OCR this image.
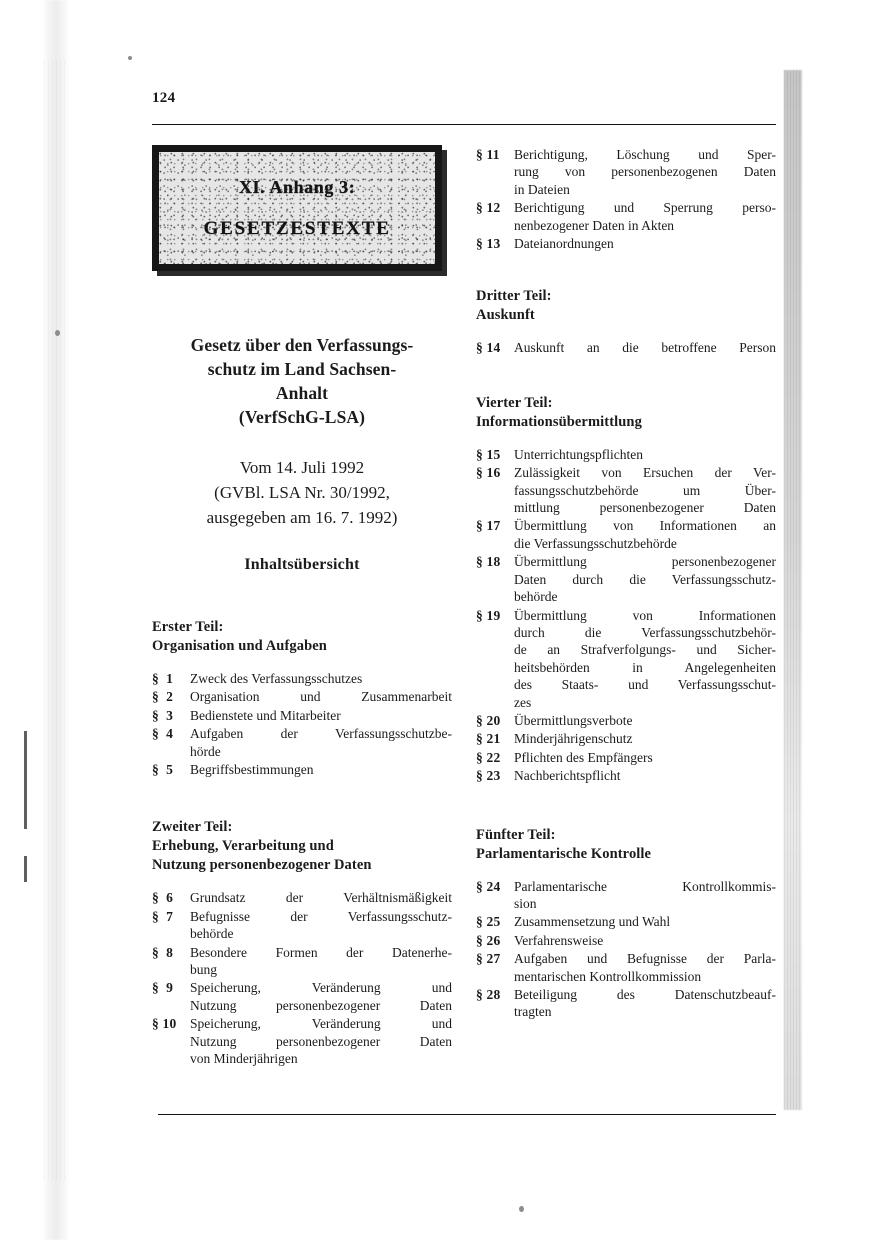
124
XI. Anhang 3:
GESETZESTEXTE
Gesetz über den Verfassungs-
schutz im Land Sachsen-
Anhalt
(VerfSchG-LSA)
Vom 14. Juli 1992
(GVBl. LSA Nr. 30/1992,
ausgegeben am 16. 7. 1992)
Inhaltsübersicht
Erster Teil:
Organisation und Aufgaben
§  1	Zweck des Verfassungsschutzes
§  2	Organisation und Zusammenarbeit
§  3	Bedienstete und Mitarbeiter
§  4	Aufgaben der Verfassungsschutzbe-
hörde
§  5	Begriffsbestimmungen
Zweiter Teil:
Erhebung, Verarbeitung und
Nutzung personenbezogener Daten
§  6	Grundsatz der Verhältnismäßigkeit
§  7	Befugnisse der Verfassungsschutz-
behörde
§  8	Besondere Formen der Datenerhe-
bung
§  9	Speicherung, Veränderung und
Nutzung personenbezogener Daten
§ 10	Speicherung, Veränderung und
Nutzung personenbezogener Daten
von Minderjährigen
§ 11	Berichtigung, Löschung und Sper-
rung von personenbezogenen Daten
in Dateien
§ 12	Berichtigung und Sperrung perso-
nenbezogener Daten in Akten
§ 13	Dateianordnungen
Dritter Teil:
Auskunft
§ 14	Auskunft an die betroffene Person
Vierter Teil:
Informationsübermittlung
§ 15	Unterrichtungspflichten
§ 16	Zulässigkeit von Ersuchen der Ver-
fassungsschutzbehörde um Über-
mittlung personenbezogener Daten
§ 17	Übermittlung von Informationen an
die Verfassungsschutzbehörde
§ 18	Übermittlung personenbezogener
Daten durch die Verfassungsschutz-
behörde
§ 19	Übermittlung von Informationen
durch die Verfassungsschutzbehör-
de an Strafverfolgungs- und Sicher-
heitsbehörden in Angelegenheiten
des Staats- und Verfassungsschut-
zes
§ 20	Übermittlungsverbote
§ 21	Minderjährigenschutz
§ 22	Pflichten des Empfängers
§ 23	Nachberichtspflicht
Fünfter Teil:
Parlamentarische Kontrolle
§ 24	Parlamentarische Kontrollkommis-
sion
§ 25	Zusammensetzung und Wahl
§ 26	Verfahrensweise
§ 27	Aufgaben und Befugnisse der Parla-
mentarischen Kontrollkommission
§ 28	Beteiligung des Datenschutzbeauf-
tragten
